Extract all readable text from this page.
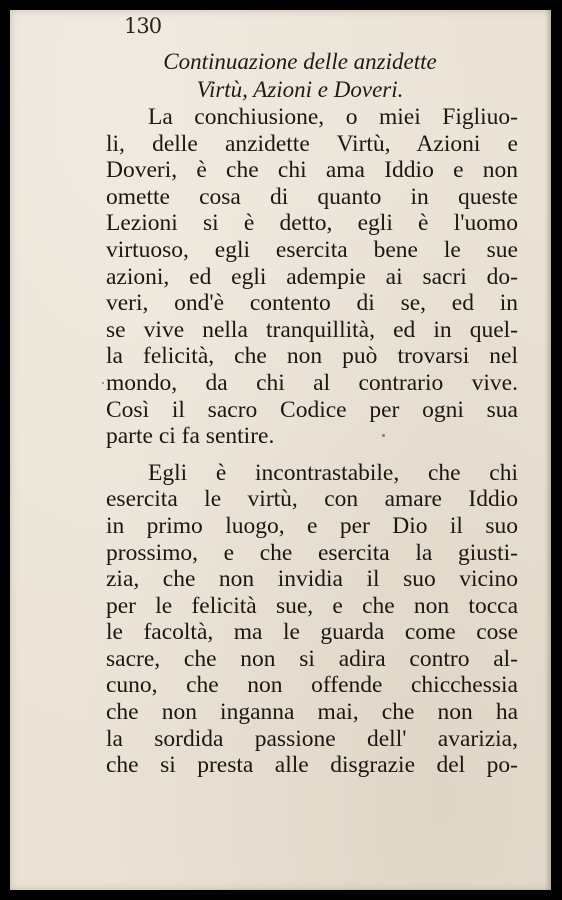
130
Continuazione delle anzidette
Virtù, Azioni e Doveri.
La conchiusione, o miei Figliuo-
li, delle anzidette Virtù, Azioni e
Doveri, è che chi ama Iddio e non
omette cosa di quanto in queste
Lezioni si è detto, egli è l'uomo
virtuoso, egli esercita bene le sue
azioni, ed egli adempie ai sacri do-
veri, ond'è contento di se, ed in
se vive nella tranquillità, ed in quel-
la felicità, che non può trovarsi nel
mondo, da chi al contrario vive.
Così il sacro Codice per ogni sua
parte ci fa sentire.
Egli è incontrastabile, che chi
esercita le virtù, con amare Iddio
in primo luogo, e per Dio il suo
prossimo, e che esercita la giusti-
zia, che non invidia il suo vicino
per le felicità sue, e che non tocca
le facoltà, ma le guarda come cose
sacre, che non si adira contro al-
cuno, che non offende chicchessia
che non inganna mai, che non ha
la sordida passione dell' avarizia,
che si presta alle disgrazie del po-
